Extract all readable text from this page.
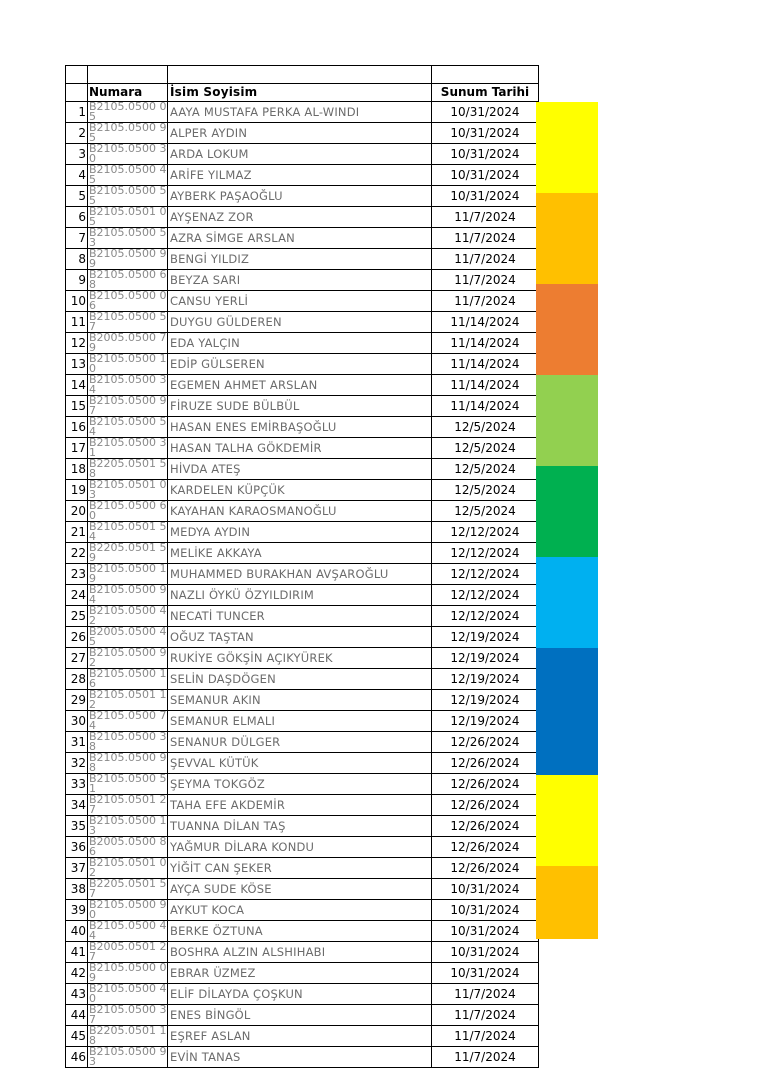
	Numara	İsim Soyisim	Sunum Tarihi
1	B2105.0500 05	AAYA MUSTAFA PERKA AL-WINDI	10/31/2024
2	B2105.0500 95	ALPER AYDIN	10/31/2024
3	B2105.0500 30	ARDA LOKUM	10/31/2024
4	B2105.0500 45	ARİFE YILMAZ	10/31/2024
5	B2105.0500 55	AYBERK PAŞAOĞLU	10/31/2024
6	B2105.0501 05	AYŞENAZ ZOR	11/7/2024
7	B2105.0500 53	AZRA SİMGE ARSLAN	11/7/2024
8	B2105.0500 99	BENGİ YILDIZ	11/7/2024
9	B2105.0500 68	BEYZA SARI	11/7/2024
10	B2105.0500 06	CANSU YERLİ	11/7/2024
11	B2105.0500 57	DUYGU GÜLDEREN	11/14/2024
12	B2005.0500 79	EDA YALÇIN	11/14/2024
13	B2105.0500 10	EDİP GÜLSEREN	11/14/2024
14	B2105.0500 34	EGEMEN AHMET ARSLAN	11/14/2024
15	B2105.0500 97	FİRUZE SUDE BÜLBÜL	11/14/2024
16	B2105.0500 54	HASAN ENES EMİRBAŞOĞLU	12/5/2024
17	B2105.0500 31	HASAN TALHA GÖKDEMİR	12/5/2024
18	B2205.0501 58	HİVDA ATEŞ	12/5/2024
19	B2105.0501 03	KARDELEN KÜPÇÜK	12/5/2024
20	B2105.0500 60	KAYAHAN KARAOSMANOĞLU	12/5/2024
21	B2105.0501 54	MEDYA AYDIN	12/12/2024
22	B2205.0501 59	MELİKE AKKAYA	12/12/2024
23	B2105.0500 19	MUHAMMED BURAKHAN AVŞAROĞLU	12/12/2024
24	B2105.0500 94	NAZLI ÖYKÜ ÖZYILDIRIM	12/12/2024
25	B2105.0500 42	NECATİ TUNCER	12/12/2024
26	B2005.0500 45	OĞUZ TAŞTAN	12/19/2024
27	B2105.0500 92	RUKİYE GÖKŞİN AÇIKYÜREK	12/19/2024
28	B2105.0500 16	SELİN DAŞDÖGEN	12/19/2024
29	B2105.0501 12	SEMANUR AKIN	12/19/2024
30	B2105.0500 74	SEMANUR ELMALI	12/19/2024
31	B2105.0500 38	SENANUR DÜLGER	12/26/2024
32	B2105.0500 98	ŞEVVAL KÜTÜK	12/26/2024
33	B2105.0500 51	ŞEYMA TOKGÖZ	12/26/2024
34	B2105.0501 27	TAHA EFE AKDEMİR	12/26/2024
35	B2105.0500 13	TUANNA DİLAN TAŞ	12/26/2024
36	B2005.0500 86	YAĞMUR DİLARA KONDU	12/26/2024
37	B2105.0501 02	YİĞİT CAN ŞEKER	12/26/2024
38	B2205.0501 57	AYÇA SUDE KÖSE	10/31/2024
39	B2105.0500 90	AYKUT KOCA	10/31/2024
40	B2105.0500 44	BERKE ÖZTUNA	10/31/2024
41	B2005.0501 27	BOSHRA ALZIN ALSHIHABI	10/31/2024
42	B2105.0500 09	EBRAR ÜZMEZ	10/31/2024
43	B2105.0500 40	ELİF DİLAYDA ÇOŞKUN	11/7/2024
44	B2105.0500 37	ENES BİNGÖL	11/7/2024
45	B2205.0501 18	EŞREF ASLAN	11/7/2024
46	B2105.0500 93	EVİN TANAS	11/7/2024
